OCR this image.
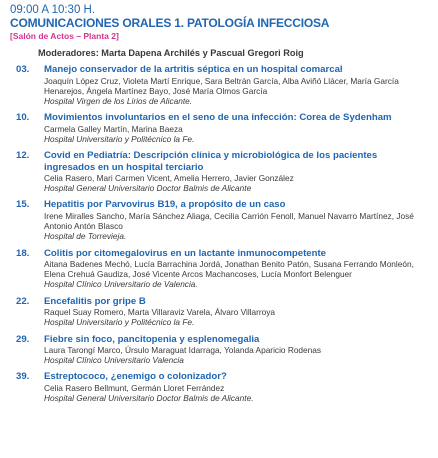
09:00 A 10:30 H.
COMUNICACIONES ORALES 1. PATOLOGÍA INFECCIOSA
[Salón de Actos – Planta 2]
Moderadores: Marta Dapena Archilés y Pascual Gregori Roig
03.	Manejo conservador de la artritis séptica en un hospital comarcal
Joaquín López Cruz, Violeta Martí Enrique, Sara Beltrán García, Alba Aviñó Llácer, María García Henarejos, Ángela Martínez Bayo, José María Olmos García
Hospital Virgen de los Lirios de Alicante.
10.	Movimientos involuntarios en el seno de una infección: Corea de Sydenham
Carmela Galley Martín, Marina Baeza
Hospital Universitario y Politécnico la Fe.
12.	Covid en Pediatría: Descripción clínica y microbiológica de los pacientes ingresados en un hospital terciario
Celia Rasero, Mari Carmen Vicent, Amelia Herrero, Javier González
Hospital General Universitario Doctor Balmis de Alicante
15.	Hepatitis por Parvovirus B19, a propósito de un caso
Irene Miralles Sancho, María Sánchez Aliaga, Cecilia Carrión Fenoll, Manuel Navarro Martínez, José Antonio Antón Blasco
Hospital de Torrevieja.
18.	Colitis por citomegalovirus en un lactante inmunocompetente
Aitana Badenes Mechó, Lucía Barrachina Jordá, Jonathan Benito Patón, Susana Ferrando Monleón, Elena Crehuá Gaudiza, José Vicente Arcos Machancoses, Lucía Monfort Belenguer
Hospital Clínico Universitario de Valencia.
22.	Encefalitis por gripe B
Raquel Suay Romero, Marta Villaraviz Varela, Álvaro Villarroya
Hospital Universitario y Politécnico la Fe.
29.	Fiebre sin foco, pancitopenia y esplenomegalia
Laura Tarongí Marco, Úrsulo Maraguat Idarraga, Yolanda Aparicio Rodenas
Hospital Clínico Universitario Valencia
39.	Estreptococo, ¿enemigo o colonizador?
Celia Rasero Bellmunt, Germán Lloret Ferrández
Hospital General Universitario Doctor Balmis de Alicante.
